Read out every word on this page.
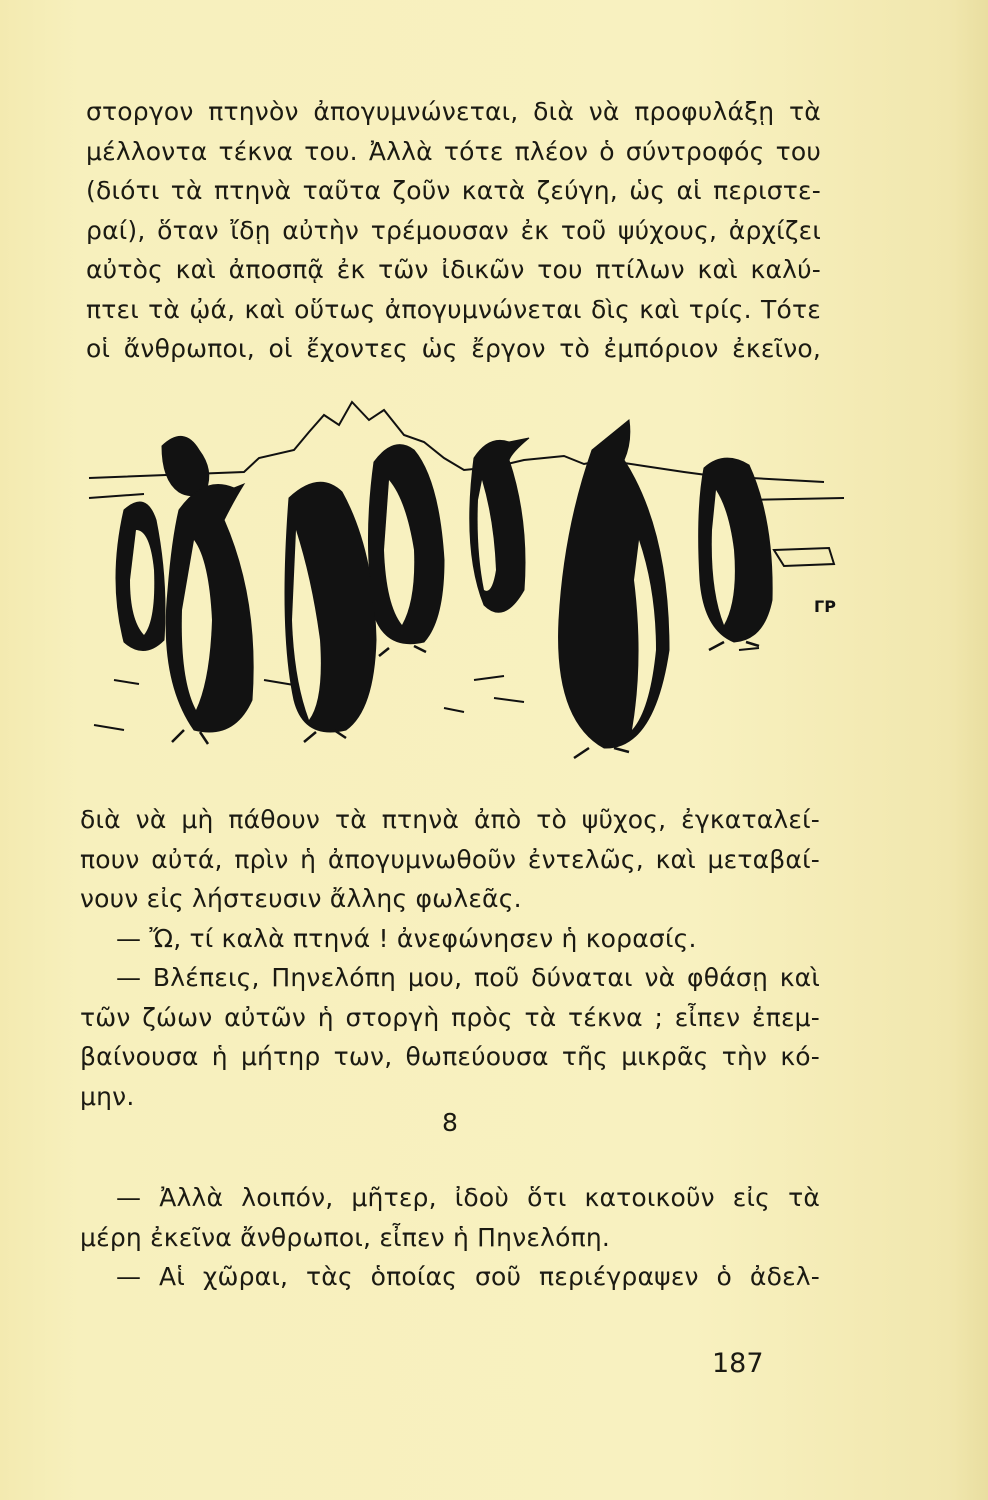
στοργον πτηνὸν ἀπογυμνώνεται, διὰ νὰ προφυλάξῃ τὰ
μέλλοντα τέκνα του. Ἀλλὰ τότε πλέον ὁ σύντροφός του
(διότι τὰ πτηνὰ ταῦτα ζοῦν κατὰ ζεύγη, ὡς αἱ περιστε-
ραί), ὅταν ἴδῃ αὐτὴν τρέμουσαν ἐκ τοῦ ψύχους, ἀρχίζει
αὐτὸς καὶ ἀποσπᾷ ἐκ τῶν ἰδικῶν του πτίλων καὶ καλύ-
πτει τὰ ᾠά, καὶ οὕτως ἀπογυμνώνεται δὶς καὶ τρίς. Τότε
οἱ ἄνθρωποι, οἱ ἔχοντες ὡς ἔργον τὸ ἐμπόριον ἐκεῖνο,
ΓΡ
διὰ νὰ μὴ πάθουν τὰ πτηνὰ ἀπὸ τὸ ψῦχος, ἐγκαταλεί-
πουν αὐτά, πρὶν ἡ ἀπογυμνωθοῦν ἐντελῶς, καὶ μεταβαί-
νουν εἰς λήστευσιν ἄλλης φωλεᾶς.
— Ὤ, τί καλὰ πτηνά ! ἀνεφώνησεν ἡ κορασίς.
— Βλέπεις, Πηνελόπη μου, ποῦ δύναται νὰ φθάσῃ καὶ
τῶν ζώων αὐτῶν ἡ στοργὴ πρὸς τὰ τέκνα ; εἶπεν ἐπεμ-
βαίνουσα ἡ μήτηρ των, θωπεύουσα τῆς μικρᾶς τὴν κό-
μην.
8
— Ἀλλὰ λοιπόν, μῆτερ, ἰδοὺ ὅτι κατοικοῦν εἰς τὰ
μέρη ἐκεῖνα ἄνθρωποι, εἶπεν ἡ Πηνελόπη.
— Αἱ χῶραι, τὰς ὁποίας σοῦ περιέγραψεν ὁ ἀδελ-
187
